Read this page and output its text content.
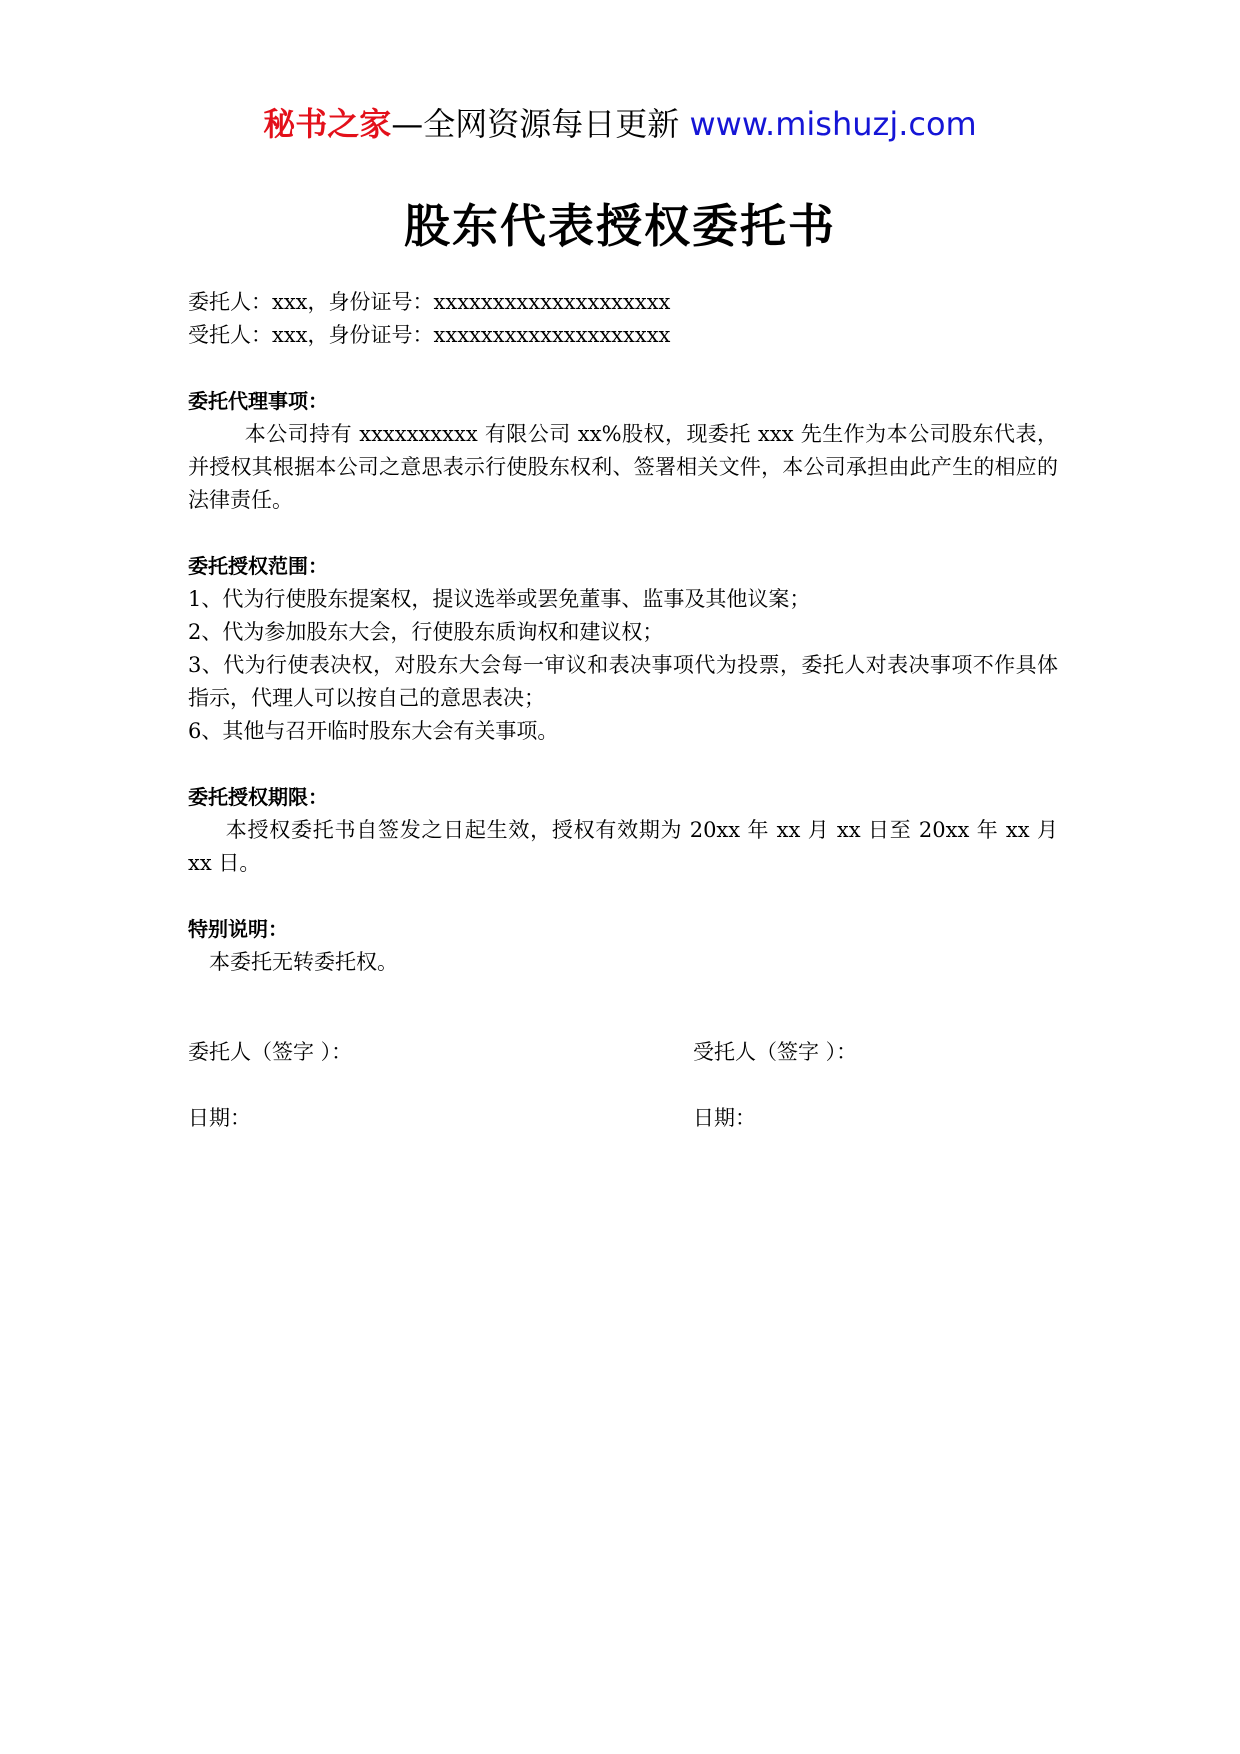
秘书之家—全网资源每日更新 www.mishuzj.com
股东代表授权委托书
委托人：xxx，身份证号：xxxxxxxxxxxxxxxxxxxx
受托人：xxx，身份证号：xxxxxxxxxxxxxxxxxxxx
委托代理事项：
本公司持有 xxxxxxxxxx 有限公司 xx%股权，现委托 xxx 先生作为本公司股东代表，并授权其根据本公司之意思表示行使股东权利、签署相关文件，本公司承担由此产生的相应的法律责任。
委托授权范围：
1、代为行使股东提案权，提议选举或罢免董事、监事及其他议案；
2、代为参加股东大会，行使股东质询权和建议权；
3、代为行使表决权，对股东大会每一审议和表决事项代为投票，委托人对表决事项不作具体指示，代理人可以按自己的意思表决；
6、其他与召开临时股东大会有关事项。
委托授权期限：
本授权委托书自签发之日起生效，授权有效期为 20xx 年 xx 月 xx 日至 20xx 年 xx 月 xx 日。
特别说明：
本委托无转委托权。
委托人（签字 ）：	受托人（签字 ）：
日期：	日期：
